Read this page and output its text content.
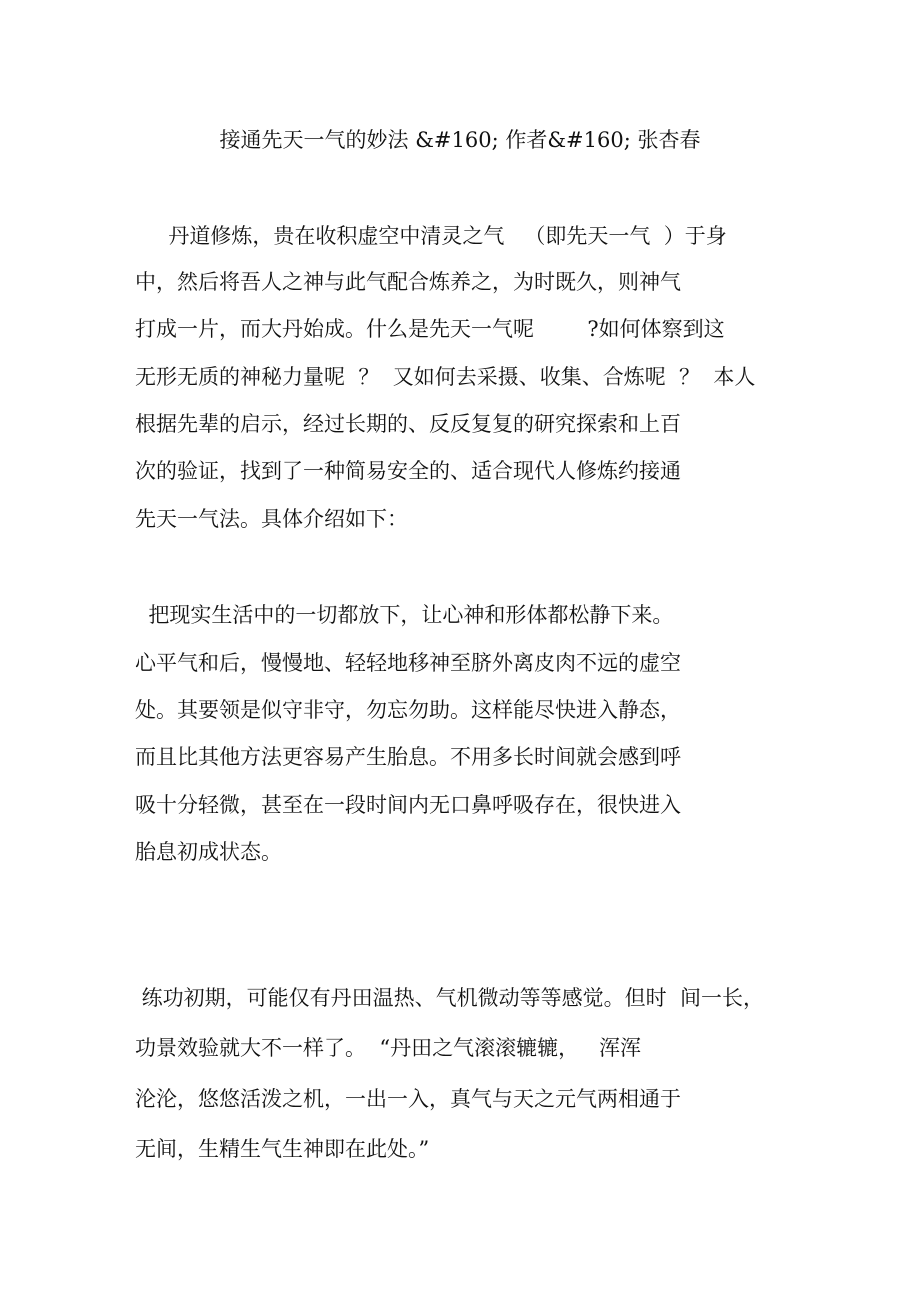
接通先天一气的妙法 &#160; 作者&#160; 张杏春
丹道修炼，贵在收积虚空中清灵之气   （即先天一气  ）于身
中，然后将吾人之神与此气配合炼养之，为时既久，则神气
打成一片，而大丹始成。什么是先天一气呢        ?如何体察到这
无形无质的神秘力量呢  ？  又如何去采摄、收集、合炼呢  ？  本人
根据先辈的启示，经过长期的、反反复复的研究探索和上百
次的验证，找到了一种简易安全的、适合现代人修炼约接通
先天一气法。具体介绍如下：
把现实生活中的一切都放下，让心神和形体都松静下来。
心平气和后，慢慢地、轻轻地移神至脐外离皮肉不远的虚空
处。其要领是似守非守，勿忘勿助。这样能尽快进入静态，
而且比其他方法更容易产生胎息。不用多长时间就会感到呼
吸十分轻微，甚至在一段时间内无口鼻呼吸存在，很快进入
胎息初成状态。
练功初期，可能仅有丹田温热、气机微动等等感觉。但时  间一长，
功景效验就大不一样了。  “丹田之气滚滚辘辘，   浑浑
沦沦，悠悠活泼之机，一出一入，真气与天之元气两相通于
无间，生精生气生神即在此处。”
